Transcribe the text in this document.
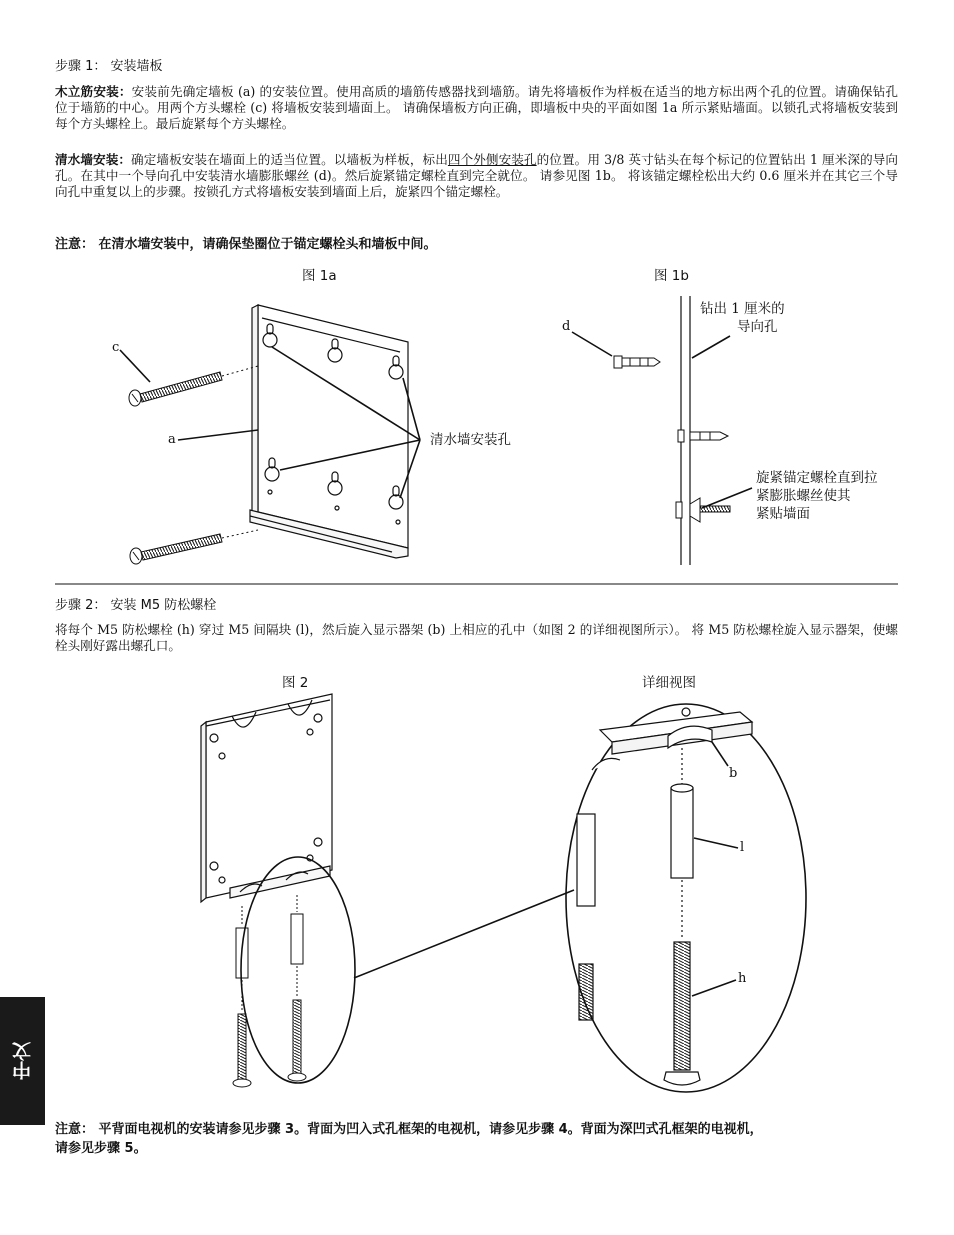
步骤 1： 安装墙板
木立筋安装：安装前先确定墙板 (a) 的安装位置。使用高质的墙筋传感器找到墙筋。请先将墙板作为样板在适当的地方标出两个孔的位置。请确保钻孔位于墙筋的中心。用两个方头螺栓 (c) 将墙板安装到墙面上。 请确保墙板方向正确，即墙板中央的平面如图 1a 所示紧贴墙面。以锁孔式将墙板安装到每个方头螺栓上。最后旋紧每个方头螺栓。
清水墙安装：确定墙板安装在墙面上的适当位置。以墙板为样板，标出四个外侧安装孔的位置。用 3/8 英寸钻头在每个标记的位置钻出 1 厘米深的导向孔。在其中一个导向孔中安装清水墙膨胀螺丝 (d)。然后旋紧锚定螺栓直到完全就位。 请参见图 1b。 将该锚定螺栓松出大约 0.6 厘米并在其它三个导向孔中重复以上的步骤。按锁孔方式将墙板安装到墙面上后，旋紧四个锚定螺栓。
注意： 在清水墙安装中，请确保垫圈位于锚定螺栓头和墙板中间。
图 1a	图 1b
c
a	清水墙安装孔
d
钻出 1 厘米的
导向孔
旋紧锚定螺栓直到拉
紧膨胀螺丝使其
紧贴墙面
步骤 2： 安装 M5 防松螺栓
将每个 M5 防松螺栓 (h) 穿过 M5 间隔块 (l)，然后旋入显示器架 (b) 上相应的孔中（如图 2 的详细视图所示）。 将 M5 防松螺栓旋入显示器架，使螺栓头刚好露出螺孔口。
图 2	详细视图
b
l
h
注意： 平背面电视机的安装请参见步骤 3。背面为凹入式孔框架的电视机，请参见步骤 4。背面为深凹式孔框架的电视机，
请参见步骤 5。
中文
